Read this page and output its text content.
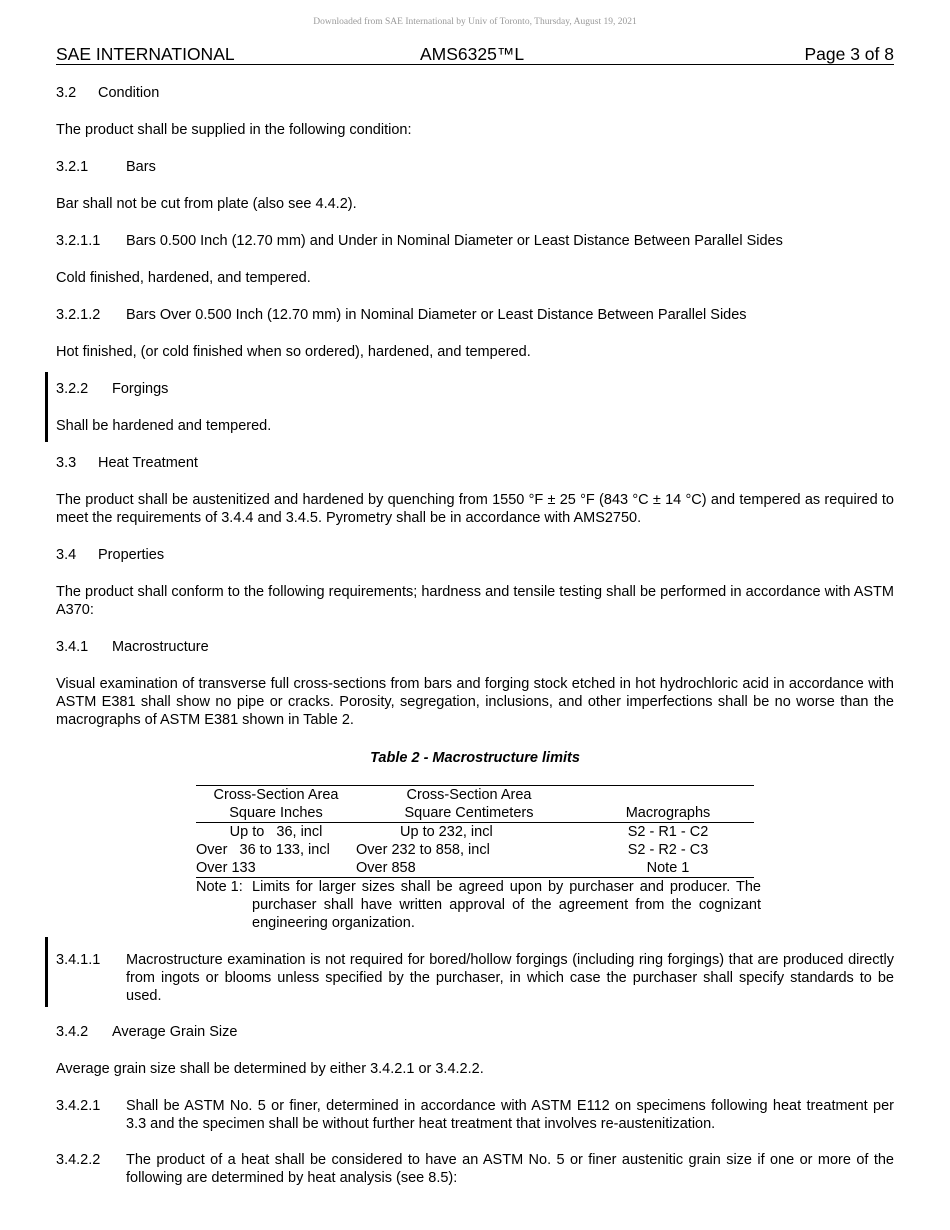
Downloaded from SAE International by Univ of Toronto, Thursday, August 19, 2021
SAE INTERNATIONAL	AMS6325™L	Page 3 of 8
3.2	Condition

The product shall be supplied in the following condition:

3.2.1	Bars

Bar shall not be cut from plate (also see 4.4.2).

3.2.1.1	Bars 0.500 Inch (12.70 mm) and Under in Nominal Diameter or Least Distance Between Parallel Sides

Cold finished, hardened, and tempered.

3.2.1.2	Bars Over 0.500 Inch (12.70 mm) in Nominal Diameter or Least Distance Between Parallel Sides

Hot finished, (or cold finished when so ordered), hardened, and tempered.

3.2.2	Forgings

Shall be hardened and tempered.

3.3	Heat Treatment

The product shall be austenitized and hardened by quenching from 1550 °F ± 25 °F (843 °C ± 14 °C) and tempered as required to meet the requirements of 3.4.4 and 3.4.5. Pyrometry shall be in accordance with AMS2750.

3.4	Properties

The product shall conform to the following requirements; hardness and tensile testing shall be performed in accordance with ASTM A370:

3.4.1	Macrostructure

Visual examination of transverse full cross-sections from bars and forging stock etched in hot hydrochloric acid in accordance with ASTM E381 shall show no pipe or cracks. Porosity, segregation, inclusions, and other imperfections shall be no worse than the macrographs of ASTM E381 shown in Table 2.

Table 2 - Macrostructure limits
Cross-Section Area	Cross-Section Area
Square Inches	Square Centimeters	Macrographs
Up to   36, incl	Up to 232, incl	S2 - R1 - C2
Over   36 to 133, incl	Over 232 to 858, incl	S2 - R2 - C3
Over 133	Over 858	Note 1
Note 1: Limits for larger sizes shall be agreed upon by purchaser and producer. The purchaser shall have written approval of the agreement from the cognizant engineering organization.
3.4.1.1	Macrostructure examination is not required for bored/hollow forgings (including ring forgings) that are produced directly from ingots or blooms unless specified by the purchaser, in which case the purchaser shall specify standards to be used.
3.4.2	Average Grain Size

Average grain size shall be determined by either 3.4.2.1 or 3.4.2.2.

3.4.2.1	Shall be ASTM No. 5 or finer, determined in accordance with ASTM E112 on specimens following heat treatment per 3.3 and the specimen shall be without further heat treatment that involves re-austenitization.
3.4.2.2	The product of a heat shall be considered to have an ASTM No. 5 or finer austenitic grain size if one or more of the following are determined by heat analysis (see 8.5):
